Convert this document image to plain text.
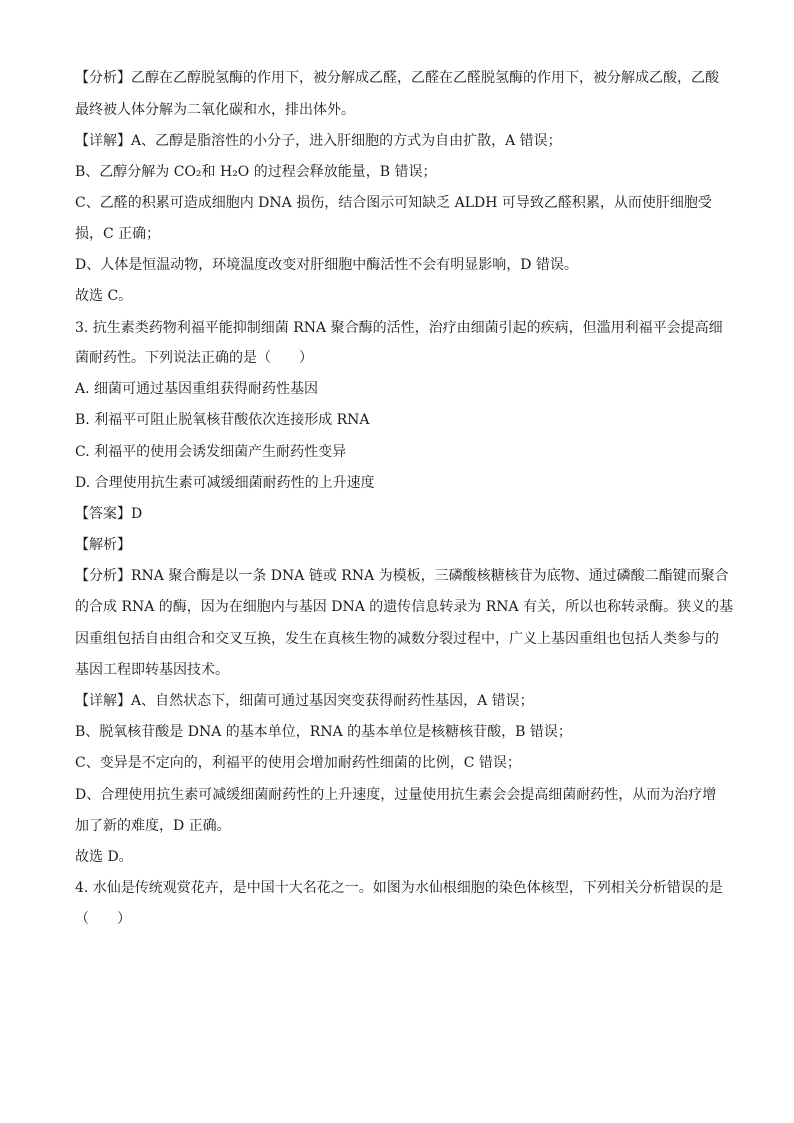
【分析】乙醇在乙醇脱氢酶的作用下，被分解成乙醛，乙醛在乙醛脱氢酶的作用下，被分解成乙酸，乙酸
最终被人体分解为二氧化碳和水，排出体外。
【详解】A、乙醇是脂溶性的小分子，进入肝细胞的方式为自由扩散，A 错误；
B、乙醇分解为 CO₂和 H₂O 的过程会释放能量，B 错误；
C、乙醛的积累可造成细胞内 DNA 损伤，结合图示可知缺乏 ALDH 可导致乙醛积累，从而使肝细胞受
损，C 正确；
D、人体是恒温动物，环境温度改变对肝细胞中酶活性不会有明显影响，D 错误。
故选 C。
3. 抗生素类药物利福平能抑制细菌 RNA 聚合酶的活性，治疗由细菌引起的疾病，但滥用利福平会提高细
菌耐药性。下列说法正确的是（　　）
A. 细菌可通过基因重组获得耐药性基因
B. 利福平可阻止脱氧核苷酸依次连接形成 RNA
C. 利福平的使用会诱发细菌产生耐药性变异
D. 合理使用抗生素可减缓细菌耐药性的上升速度
【答案】D
【解析】
【分析】RNA 聚合酶是以一条 DNA 链或 RNA 为模板，三磷酸核糖核苷为底物、通过磷酸二酯键而聚合
的合成 RNA 的酶，因为在细胞内与基因 DNA 的遗传信息转录为 RNA 有关，所以也称转录酶。狭义的基
因重组包括自由组合和交叉互换，发生在真核生物的减数分裂过程中，广义上基因重组也包括人类参与的
基因工程即转基因技术。
【详解】A、自然状态下，细菌可通过基因突变获得耐药性基因，A 错误；
B、脱氧核苷酸是 DNA 的基本单位，RNA 的基本单位是核糖核苷酸，B 错误；
C、变异是不定向的，利福平的使用会增加耐药性细菌的比例，C 错误；
D、合理使用抗生素可减缓细菌耐药性的上升速度，过量使用抗生素会会提高细菌耐药性，从而为治疗增
加了新的难度，D 正确。
故选 D。
4. 水仙是传统观赏花卉，是中国十大名花之一。如图为水仙根细胞的染色体核型，下列相关分析错误的是
（　　）
